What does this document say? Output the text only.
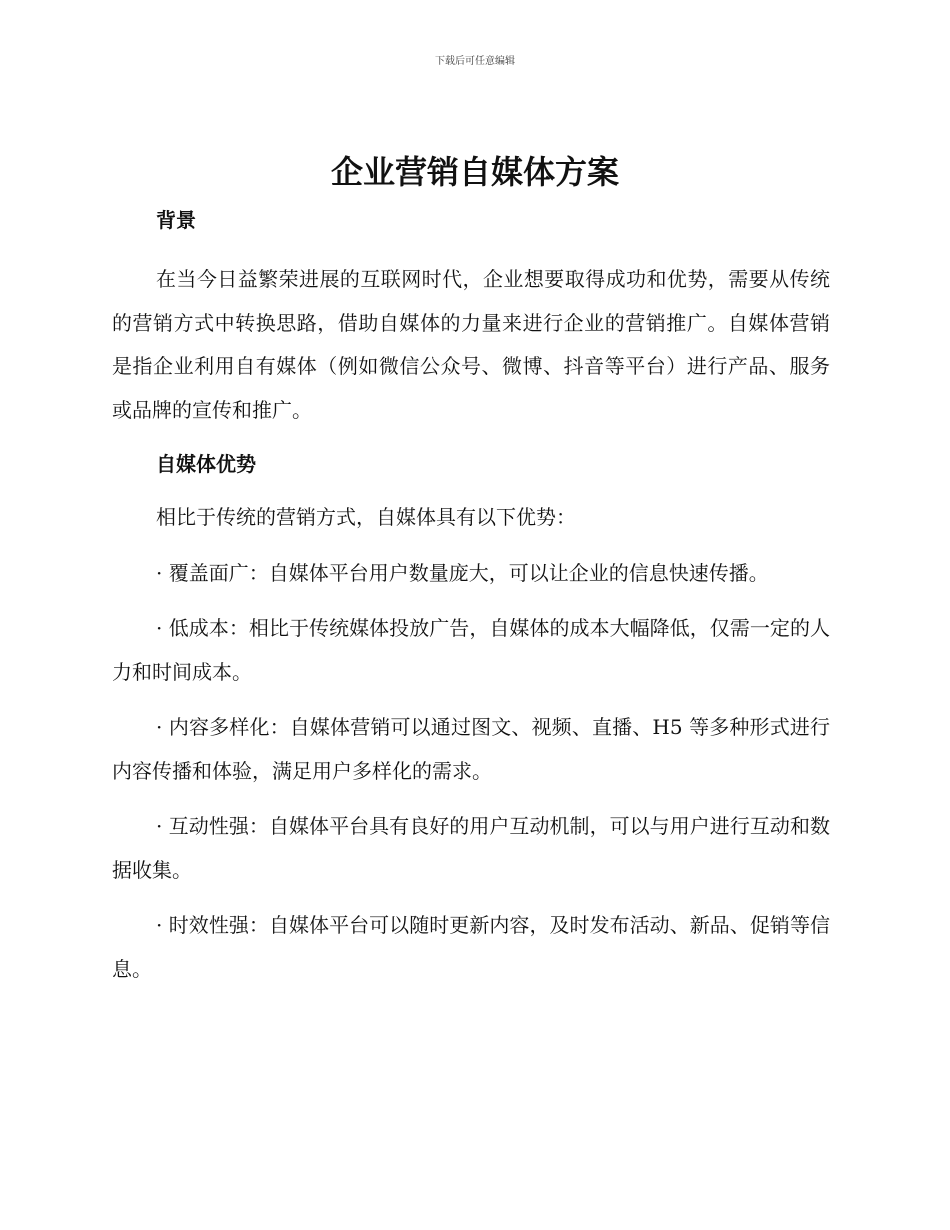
下载后可任意编辑
企业营销自媒体方案
背景

在当今日益繁荣进展的互联网时代，企业想要取得成功和优势，需要从传统的营销方式中转换思路，借助自媒体的力量来进行企业的营销推广。自媒体营销是指企业利用自有媒体（例如微信公众号、微博、抖音等平台）进行产品、服务或品牌的宣传和推广。

自媒体优势

相比于传统的营销方式，自媒体具有以下优势：

· 覆盖面广：自媒体平台用户数量庞大，可以让企业的信息快速传播。

· 低成本：相比于传统媒体投放广告，自媒体的成本大幅降低，仅需一定的人力和时间成本。

· 内容多样化：自媒体营销可以通过图文、视频、直播、H5 等多种形式进行内容传播和体验，满足用户多样化的需求。

· 互动性强：自媒体平台具有良好的用户互动机制，可以与用户进行互动和数据收集。

· 时效性强：自媒体平台可以随时更新内容，及时发布活动、新品、促销等信息。
